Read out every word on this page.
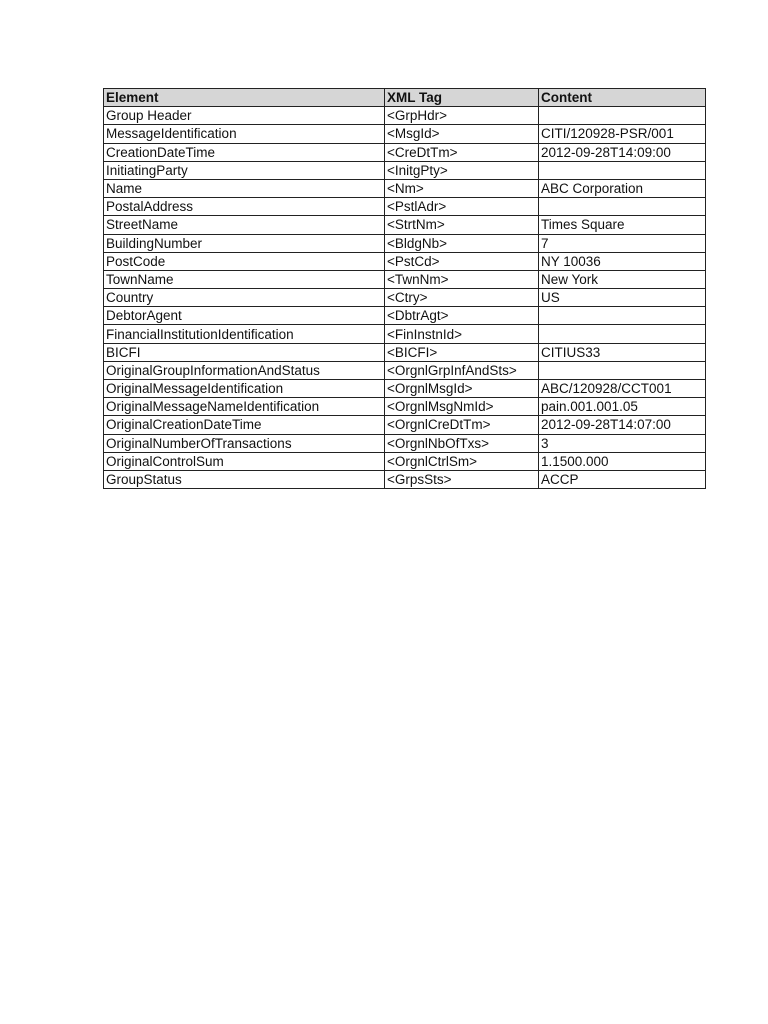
Element	XML Tag	Content
Group Header	<GrpHdr>	
MessageIdentification	<MsgId>	CITI/120928-PSR/001
CreationDateTime	<CreDtTm>	2012-09-28T14:09:00
InitiatingParty	<InitgPty>	
Name	<Nm>	ABC Corporation
PostalAddress	<PstlAdr>	
StreetName	<StrtNm>	Times Square
BuildingNumber	<BldgNb>	7
PostCode	<PstCd>	NY 10036
TownName	<TwnNm>	New York
Country	<Ctry>	US
DebtorAgent	<DbtrAgt>	
FinancialInstitutionIdentification	<FinInstnId>	
BICFI	<BICFI>	CITIUS33
OriginalGroupInformationAndStatus	<OrgnlGrpInfAndSts>	
OriginalMessageIdentification	<OrgnlMsgId>	ABC/120928/CCT001
OriginalMessageNameIdentification	<OrgnlMsgNmId>	pain.001.001.05
OriginalCreationDateTime	<OrgnlCreDtTm>	2012-09-28T14:07:00
OriginalNumberOfTransactions	<OrgnlNbOfTxs>	3
OriginalControlSum	<OrgnlCtrlSm>	1.1500.000
GroupStatus	<GrpsSts>	ACCP
